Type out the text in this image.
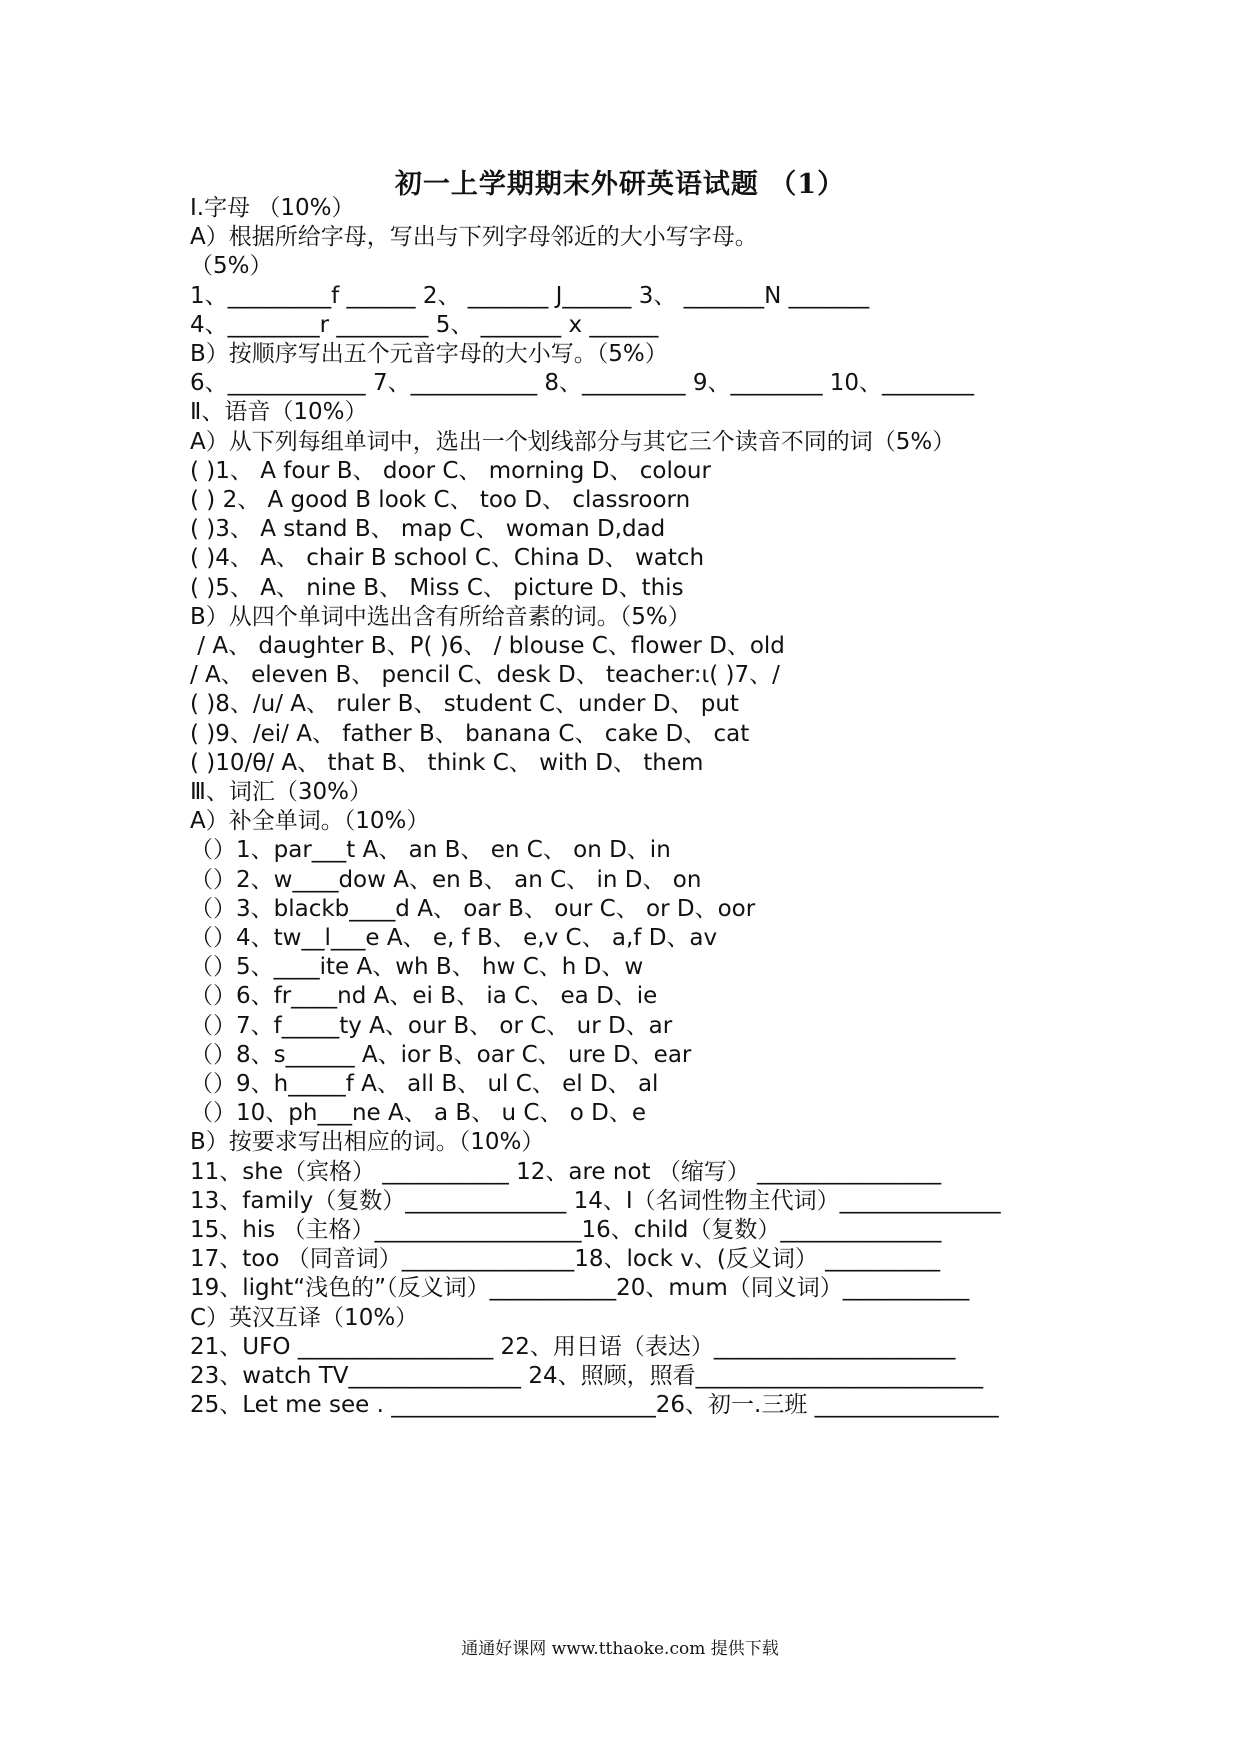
初一上学期期末外研英语试题 （1）
I.字母 （10%）
A）根据所给字母，写出与下列字母邻近的大小写字母。
（5%）
1、_________f ______ 2、 _______ J______ 3、 _______N _______
4、________r ________ 5、 _______ x ______
B）按顺序写出五个元音字母的大小写。（5%）
6、____________ 7、___________ 8、_________ 9、________ 10、________
Ⅱ、语音（10%）
A）从下列每组单词中，选出一个划线部分与其它三个读音不同的词（5%）
( )1、 A four B、 door C、 morning D、 colour
( ) 2、 A good B look C、 too D、 classroorn
( )3、 A stand B、 map C、 woman D,dad
( )4、 A、 chair B school C、China D、 watch
( )5、 A、 nine B、 Miss C、 picture D、this
B）从四个单词中选出含有所给音素的词。（5%）
/ A、 daughter B、P( )6、 / blouse C、flower D、old
/ A、 eleven B、 pencil C、desk D、 teacher:ι( )7、/
( )8、/u/ A、 ruler B、 student C、under D、 put
( )9、/ei/ A、 father B、 banana C、 cake D、 cat
( )10/θ/ A、 that B、 think C、 with D、 them
Ⅲ、词汇（30%）
A）补全单词。（10%）
（）1、par___t A、 an B、 en C、 on D、in
（）2、w____dow A、en B、 an C、 in D、 on
（）3、blackb____d A、 oar B、 our C、 or D、oor
（）4、tw__l___e A、 e, f B、 e,v C、 a,f D、av
（）5、____ite A、wh B、 hw C、h D、w
（）6、fr____nd A、ei B、 ia C、 ea D、ie
（）7、f_____ty A、our B、 or C、 ur D、ar
（）8、s______ A、ior B、oar C、 ure D、ear
（）9、h_____f A、 all B、 ul C、 el D、 al
（）10、ph___ne A、 a B、 u C、 o D、e
B）按要求写出相应的词。（10%）
11、she（宾格） ___________ 12、are not （缩写） ________________
13、family（复数）______________ 14、I（名词性物主代词）______________
15、his （主格）__________________16、child（复数）______________
17、too （同音词）_______________18、lock v、(反义词） __________
19、light“浅色的”（反义词）___________20、mum（同义词）___________
C）英汉互译（10%）
21、UFO _________________ 22、用日语（表达）_____________________
23、watch TV_______________ 24、照顾，照看_________________________
25、Let me see . _______________________26、初一.三班 ________________
通通好课网 www.tthaoke.com 提供下载
